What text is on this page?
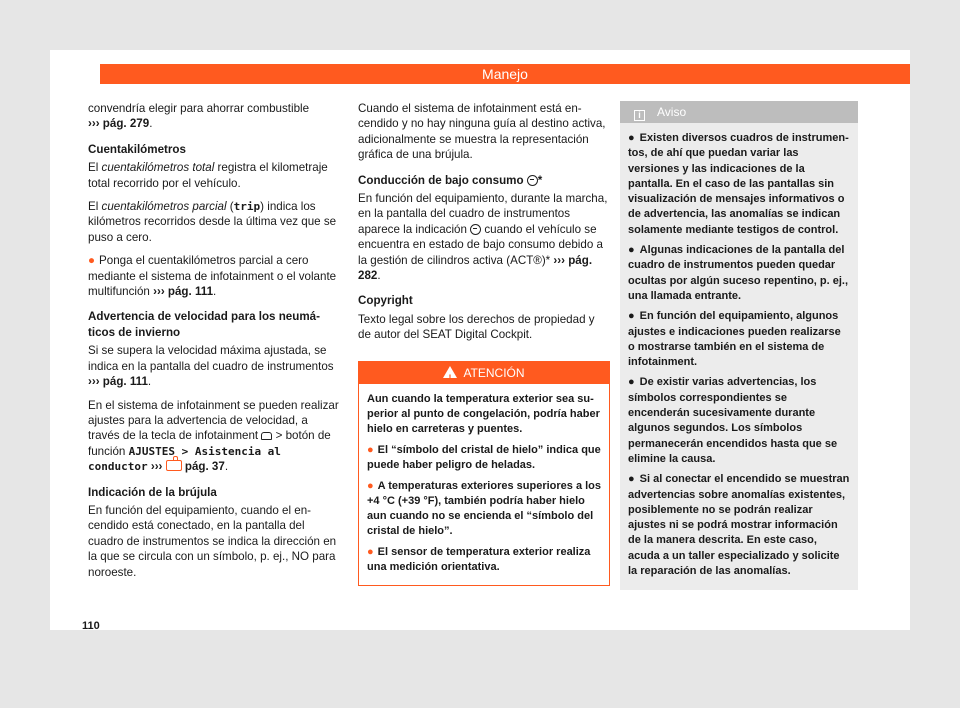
Manejo

convendría elegir para ahorrar combustible
››› pág. 279.

Cuentakilómetros

El cuentakilómetros total registra el kilometraje total recorrido por el vehículo.

El cuentakilómetros parcial (trip) indica los kilómetros recorridos desde la última vez que se puso a cero.

● Ponga el cuentakilómetros parcial a cero mediante el sistema de infotainment o el volante multifunción ››› pág. 111.

Advertencia de velocidad para los neumáticos de invierno

Si se supera la velocidad máxima ajustada, se indica en la pantalla del cuadro de instrumentos ››› pág. 111.

En el sistema de infotainment se pueden realizar ajustes para la advertencia de velocidad, a través de la tecla de infotainment  > botón de función AJUSTES > Asistencia al conductor ›››  pág. 37.

Indicación de la brújula

En función del equipamiento, cuando el encendido está conectado, en la pantalla del cuadro de instrumentos se indica la dirección en la que se circula con un símbolo, p. ej., NO para noroeste.

Cuando el sistema de infotainment está encendido y no hay ninguna guía al destino activa, adicionalmente se muestra la representación gráfica de una brújula.

Conducción de bajo consumo *

En función del equipamiento, durante la marcha, en la pantalla del cuadro de instrumentos aparece la indicación  cuando el vehículo se encuentra en estado de bajo consumo debido a la gestión de cilindros activa (ACT®)* ››› pág. 282.

Copyright

Texto legal sobre los derechos de propiedad y de autor del SEAT Digital Cockpit.

!ATENCIÓN

Aun cuando la temperatura exterior sea superior al punto de congelación, podría haber hielo en carreteras y puentes.

● El “símbolo del cristal de hielo” indica que puede haber peligro de heladas.

● A temperaturas exteriores superiores a los +4 °C (+39 °F), también podría haber hielo aun cuando no se encienda el “símbolo del cristal de hielo”.

● El sensor de temperatura exterior realiza una medición orientativa.

i Aviso

● Existen diversos cuadros de instrumentos, de ahí que puedan variar las versiones y las indicaciones de la pantalla. En el caso de las pantallas sin visualización de mensajes informativos o de advertencia, las anomalías se indican solamente mediante testigos de control.

● Algunas indicaciones de la pantalla del cuadro de instrumentos pueden quedar ocultas por algún suceso repentino, p. ej., una llamada entrante.

● En función del equipamiento, algunos ajustes e indicaciones pueden realizarse o mostrarse también en el sistema de infotainment.

● De existir varias advertencias, los símbolos correspondientes se encenderán sucesivamente durante algunos segundos. Los símbolos permanecerán encendidos hasta que se elimine la causa.

● Si al conectar el encendido se muestran advertencias sobre anomalías existentes, posiblemente no se podrán realizar ajustes ni se podrá mostrar información de la manera descrita. En este caso, acuda a un taller especializado y solicite la reparación de las anomalías.

110
